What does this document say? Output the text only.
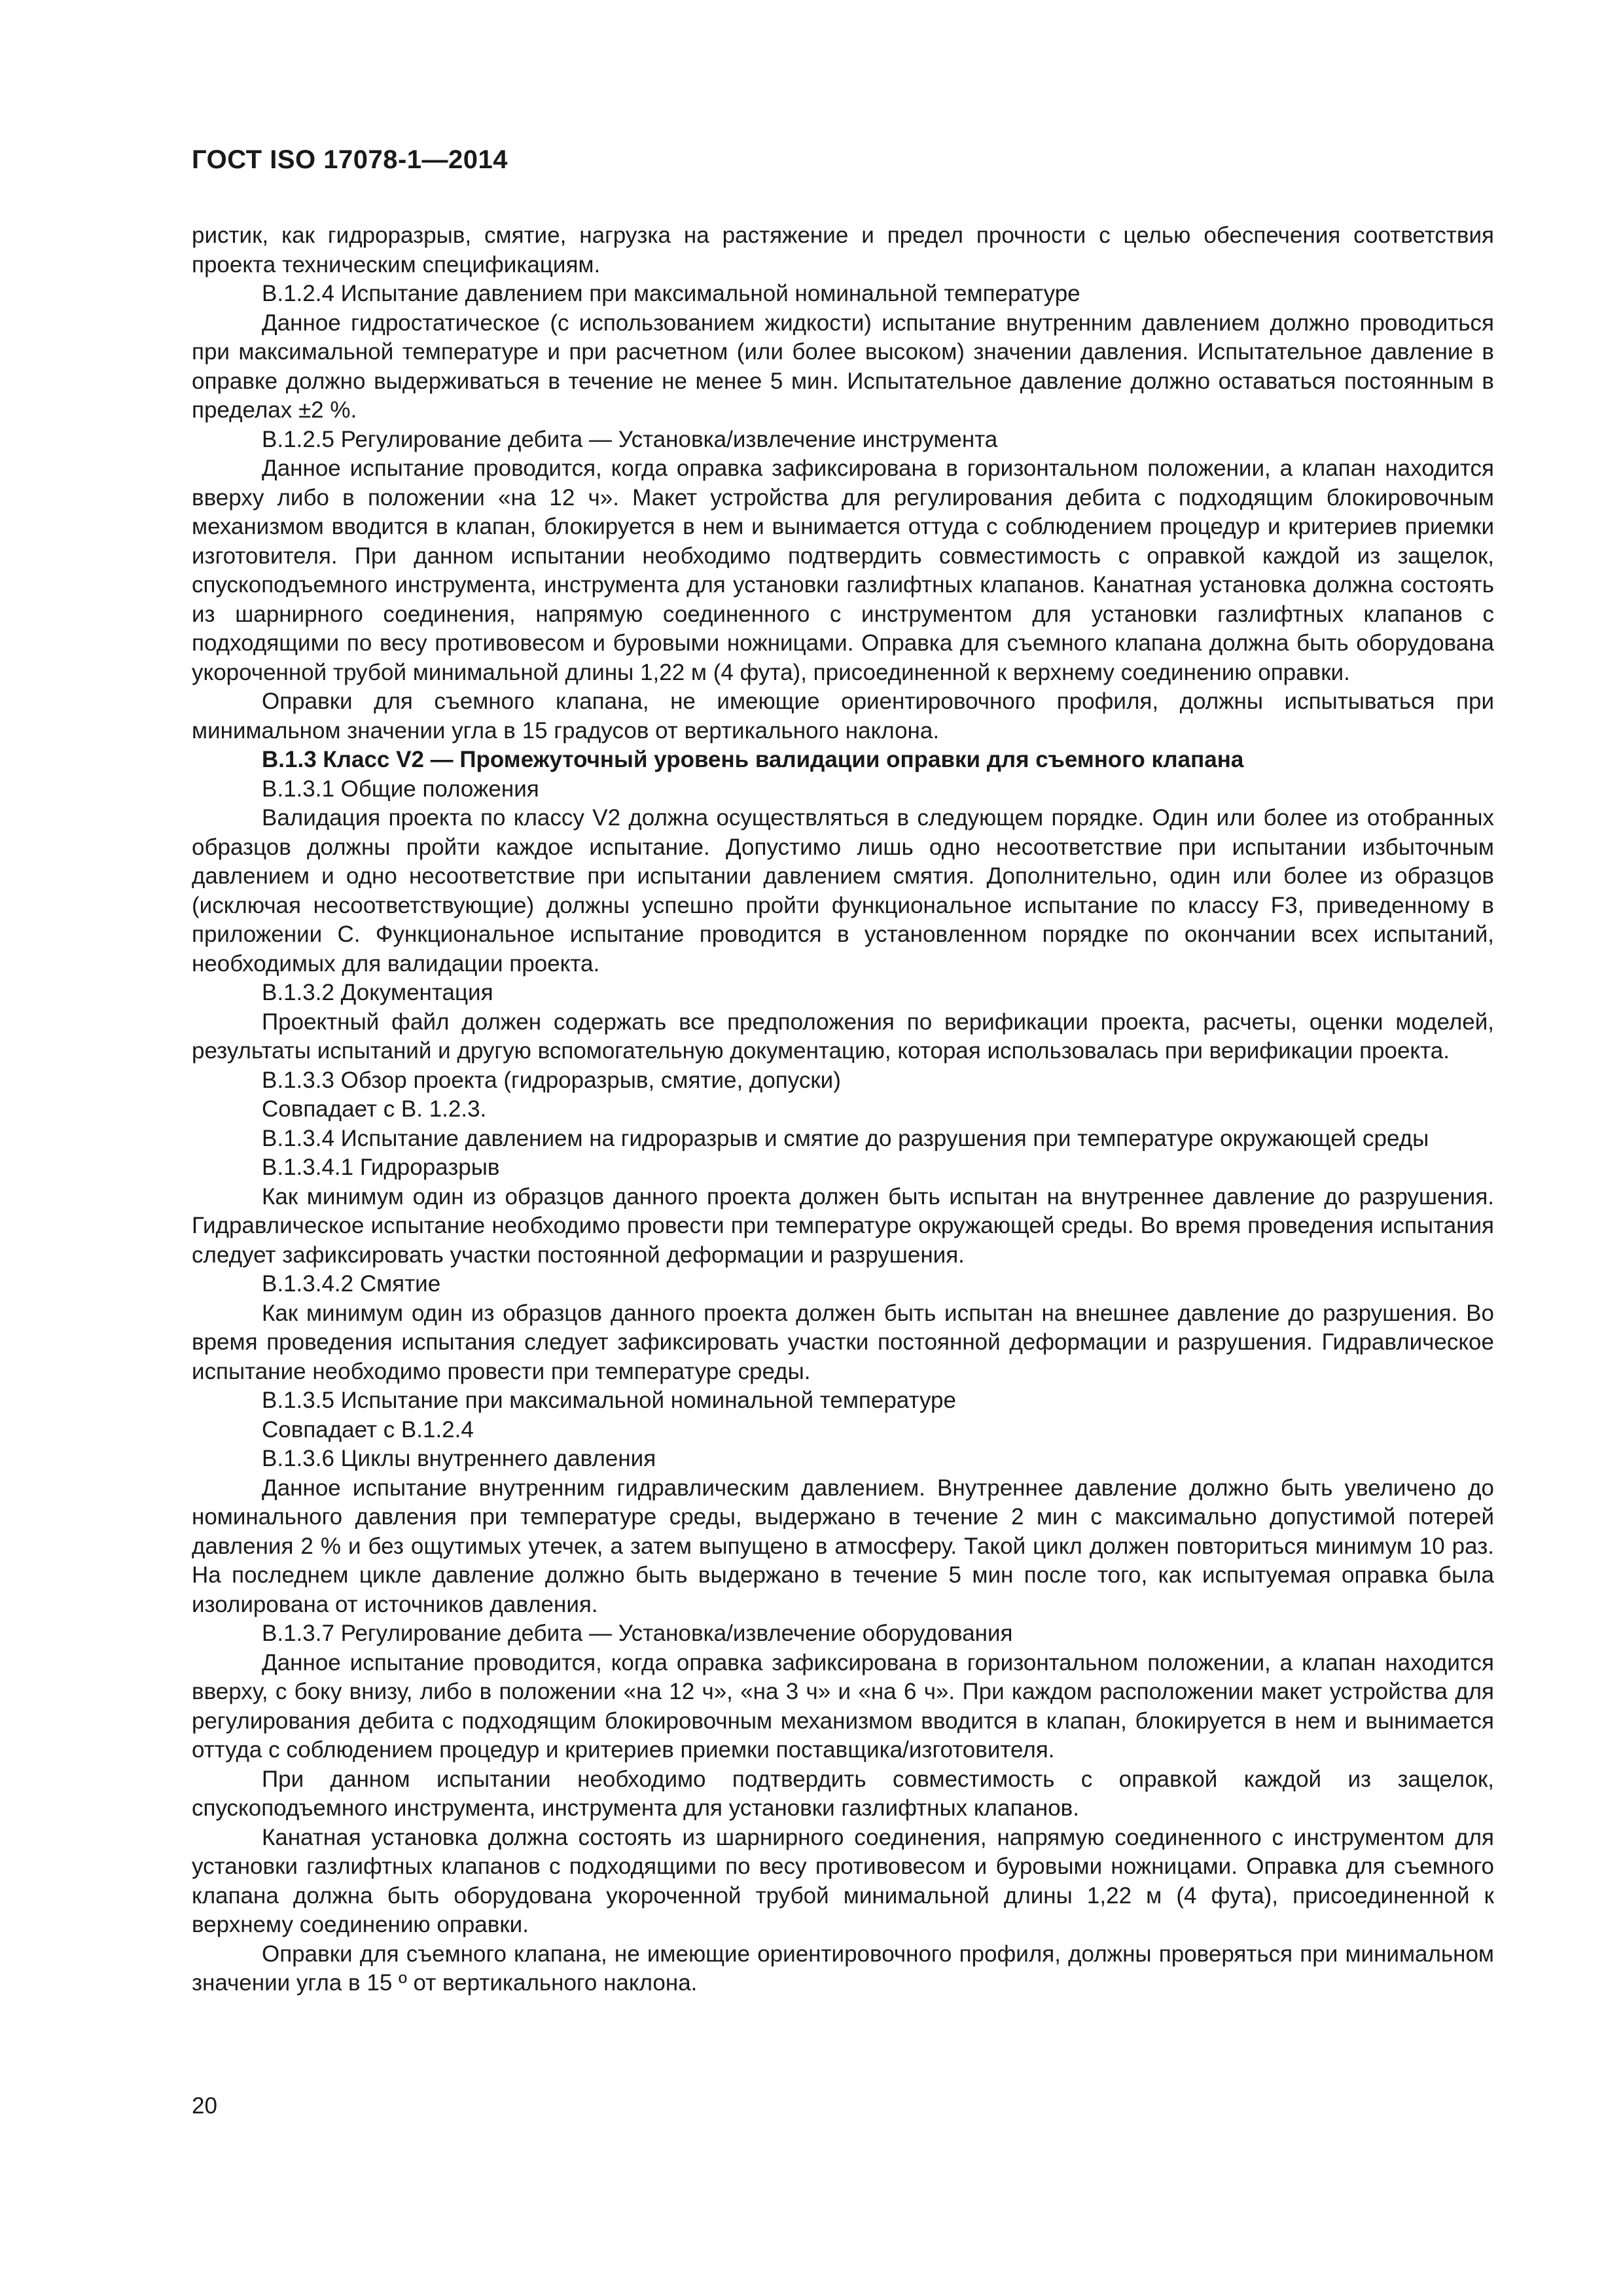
ГОСТ ISO 17078-1—2014

ристик, как гидроразрыв, смятие, нагрузка на растяжение и предел прочности с целью обеспечения соответствия проекта техническим спецификациям.

В.1.2.4 Испытание давлением при максимальной номинальной температуре

Данное гидростатическое (с использованием жидкости) испытание внутренним давлением должно проводиться при максимальной температуре и при расчетном (или более высоком) значении давления. Испытательное давление в оправке должно выдерживаться в течение не менее 5 мин. Испытательное давление должно оставаться постоянным в пределах ±2 %.

В.1.2.5 Регулирование дебита — Установка/извлечение инструмента

Данное испытание проводится, когда оправка зафиксирована в горизонтальном положении, а клапан находится вверху либо в положении «на 12 ч». Макет устройства для регулирования дебита с подходящим блокировочным механизмом вводится в клапан, блокируется в нем и вынимается оттуда с соблюдением процедур и критериев приемки изготовителя. При данном испытании необходимо подтвердить совместимость с оправкой каждой из защелок, спускоподъемного инструмента, инструмента для установки газлифтных клапанов. Канатная установка должна состоять из шарнирного соединения, напрямую соединенного с инструментом для установки газлифтных клапанов с подходящими по весу противовесом и буровыми ножницами. Оправка для съемного клапана должна быть оборудована укороченной трубой минимальной длины 1,22 м (4 фута), присоединенной к верхнему соединению оправки.

Оправки для съемного клапана, не имеющие ориентировочного профиля, должны испытываться при минимальном значении угла в 15 градусов от вертикального наклона.

В.1.3 Класс V2 — Промежуточный уровень валидации оправки для съемного клапана

В.1.3.1 Общие положения

Валидация проекта по классу V2 должна осуществляться в следующем порядке. Один или более из отобранных образцов должны пройти каждое испытание. Допустимо лишь одно несоответствие при испытании избыточным давлением и одно несоответствие при испытании давлением смятия. Дополнительно, один или более из образцов (исключая несоответствующие) должны успешно пройти функциональное испытание по классу F3, приведенному в приложении С. Функциональное испытание проводится в установленном порядке по окончании всех испытаний, необходимых для валидации проекта.

В.1.3.2 Документация

Проектный файл должен содержать все предположения по верификации проекта, расчеты, оценки моделей, результаты испытаний и другую вспомогательную документацию, которая использовалась при верификации проекта.

В.1.3.3 Обзор проекта (гидроразрыв, смятие, допуски)

Совпадает с В. 1.2.3.

В.1.3.4 Испытание давлением на гидроразрыв и смятие до разрушения при температуре окружающей среды

В.1.3.4.1 Гидроразрыв

Как минимум один из образцов данного проекта должен быть испытан на внутреннее давление до разрушения. Гидравлическое испытание необходимо провести при температуре окружающей среды. Во время проведения испытания следует зафиксировать участки постоянной деформации и разрушения.

В.1.3.4.2 Смятие

Как минимум один из образцов данного проекта должен быть испытан на внешнее давление до разрушения. Во время проведения испытания следует зафиксировать участки постоянной деформации и разрушения. Гидравлическое испытание необходимо провести при температуре среды.

В.1.3.5 Испытание при максимальной номинальной температуре

Совпадает с В.1.2.4

В.1.3.6 Циклы внутреннего давления

Данное испытание внутренним гидравлическим давлением. Внутреннее давление должно быть увеличено до номинального давления при температуре среды, выдержано в течение 2 мин с максимально допустимой потерей давления 2 % и без ощутимых утечек, а затем выпущено в атмосферу. Такой цикл должен повториться минимум 10 раз. На последнем цикле давление должно быть выдержано в течение 5 мин после того, как испытуемая оправка была изолирована от источников давления.

В.1.3.7 Регулирование дебита — Установка/извлечение оборудования

Данное испытание проводится, когда оправка зафиксирована в горизонтальном положении, а клапан находится вверху, с боку внизу, либо в положении «на 12 ч», «на 3 ч» и «на 6 ч». При каждом расположении макет устройства для регулирования дебита с подходящим блокировочным механизмом вводится в клапан, блокируется в нем и вынимается оттуда с соблюдением процедур и критериев приемки поставщика/изготовителя.

При данном испытании необходимо подтвердить совместимость с оправкой каждой из защелок, спускоподъемного инструмента, инструмента для установки газлифтных клапанов.

Канатная установка должна состоять из шарнирного соединения, напрямую соединенного с инструментом для установки газлифтных клапанов с подходящими по весу противовесом и буровыми ножницами. Оправка для съемного клапана должна быть оборудована укороченной трубой минимальной длины 1,22 м (4 фута), присоединенной к верхнему соединению оправки.

Оправки для съемного клапана, не имеющие ориентировочного профиля, должны проверяться при минимальном значении угла в 15 º от вертикального наклона.

20
